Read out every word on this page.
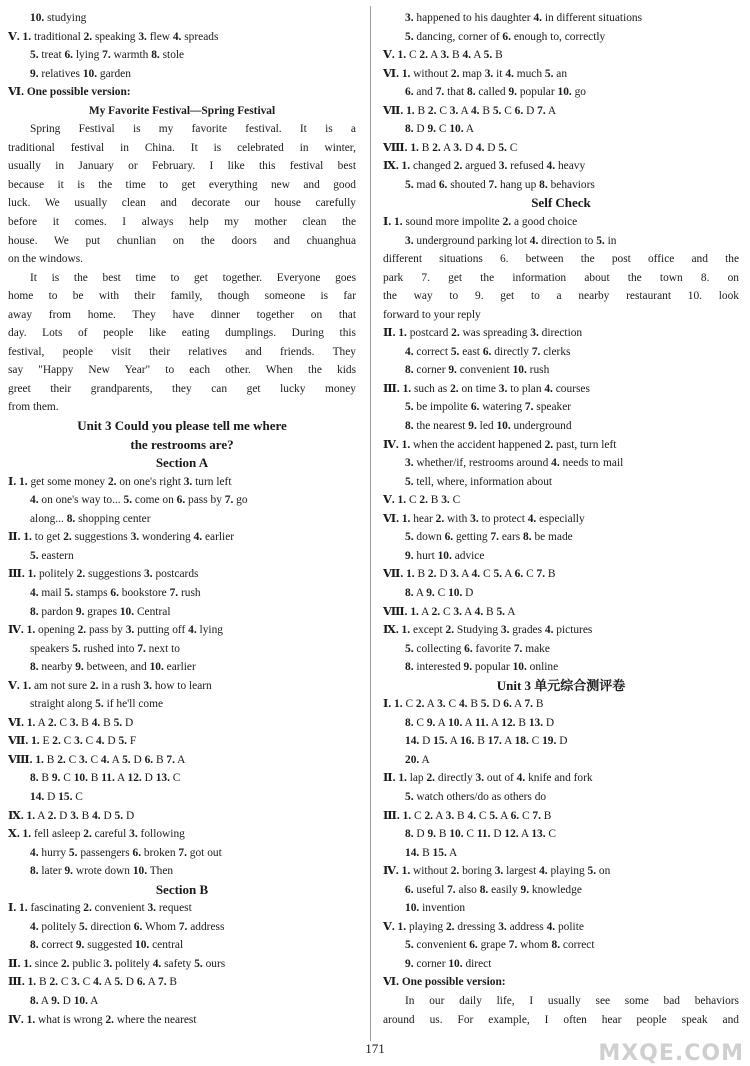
10. studying
Ⅴ. 1. traditional 2. speaking 3. flew 4. spreads
5. treat 6. lying 7. warmth 8. stole
9. relatives 10. garden
Ⅵ. One possible version:
My Favorite Festival—Spring Festival
Spring Festival is my favorite festival. It is a
traditional festival in China. It is celebrated in winter,
usually in January or February. I like this festival best
because it is the time to get everything new and good
luck. We usually clean and decorate our house carefully
before it comes. I always help my mother clean the
house. We put chunlian on the doors and chuanghua
on the windows.
It is the best time to get together. Everyone goes
home to be with their family, though someone is far
away from home. They have dinner together on that
day. Lots of people like eating dumplings. During this
festival, people visit their relatives and friends. They
say "Happy New Year" to each other. When the kids
greet their grandparents, they can get lucky money
from them.
Unit 3 Could you please tell me where
the restrooms are?
Section A
Ⅰ. 1. get some money 2. on one's right 3. turn left
4. on one's way to... 5. come on 6. pass by 7. go
along... 8. shopping center
Ⅱ. 1. to get 2. suggestions 3. wondering 4. earlier
5. eastern
Ⅲ. 1. politely 2. suggestions 3. postcards
4. mail 5. stamps 6. bookstore 7. rush
8. pardon 9. grapes 10. Central
Ⅳ. 1. opening 2. pass by 3. putting off 4. lying
speakers 5. rushed into 7. next to
8. nearby 9. between, and 10. earlier
Ⅴ. 1. am not sure 2. in a rush 3. how to learn
straight along 5. if he'll come
Ⅵ. 1. A 2. C 3. B 4. B 5. D
Ⅶ. 1. E 2. C 3. C 4. D 5. F
Ⅷ. 1. B 2. C 3. C 4. A 5. D 6. B 7. A
8. B 9. C 10. B 11. A 12. D 13. C
14. D 15. C
Ⅸ. 1. A 2. D 3. B 4. D 5. D
Ⅹ. 1. fell asleep 2. careful 3. following
4. hurry 5. passengers 6. broken 7. got out
8. later 9. wrote down 10. Then
Section B
Ⅰ. 1. fascinating 2. convenient 3. request
4. politely 5. direction 6. Whom 7. address
8. correct 9. suggested 10. central
Ⅱ. 1. since 2. public 3. politely 4. safety 5. ours
Ⅲ. 1. B 2. C 3. C 4. A 5. D 6. A 7. B
8. A 9. D 10. A
Ⅳ. 1. what is wrong 2. where the nearest
3. happened to his daughter 4. in different situations
5. dancing, corner of 6. enough to, correctly
Ⅴ. 1. C 2. A 3. B 4. A 5. B
Ⅵ. 1. without 2. map 3. it 4. much 5. an
6. and 7. that 8. called 9. popular 10. go
Ⅶ. 1. B 2. C 3. A 4. B 5. C 6. D 7. A
8. D 9. C 10. A
Ⅷ. 1. B 2. A 3. D 4. D 5. C
Ⅸ. 1. changed 2. argued 3. refused 4. heavy
5. mad 6. shouted 7. hang up 8. behaviors
Self Check
Ⅰ. 1. sound more impolite 2. a good choice
3. underground parking lot 4. direction to 5. in
different situations 6. between the post office and the
park 7. get the information about the town 8. on
the way to 9. get to a nearby restaurant 10. look
forward to your reply
Ⅱ. 1. postcard 2. was spreading 3. direction
4. correct 5. east 6. directly 7. clerks
8. corner 9. convenient 10. rush
Ⅲ. 1. such as 2. on time 3. to plan 4. courses
5. be impolite 6. watering 7. speaker
8. the nearest 9. led 10. underground
Ⅳ. 1. when the accident happened 2. past, turn left
3. whether/if, restrooms around 4. needs to mail
5. tell, where, information about
Ⅴ. 1. C 2. B 3. C
Ⅵ. 1. hear 2. with 3. to protect 4. especially
5. down 6. getting 7. ears 8. be made
9. hurt 10. advice
Ⅶ. 1. B 2. D 3. A 4. C 5. A 6. C 7. B
8. A 9. C 10. D
Ⅷ. 1. A 2. C 3. A 4. B 5. A
Ⅸ. 1. except 2. Studying 3. grades 4. pictures
5. collecting 6. favorite 7. make
8. interested 9. popular 10. online
Unit 3 单元综合测评卷
Ⅰ. 1. C 2. A 3. C 4. B 5. D 6. A 7. B
8. C 9. A 10. A 11. A 12. B 13. D
14. D 15. A 16. B 17. A 18. C 19. D
20. A
Ⅱ. 1. lap 2. directly 3. out of 4. knife and fork
5. watch others/do as others do
Ⅲ. 1. C 2. A 3. B 4. C 5. A 6. C 7. B
8. D 9. B 10. C 11. D 12. A 13. C
14. B 15. A
Ⅳ. 1. without 2. boring 3. largest 4. playing 5. on
6. useful 7. also 8. easily 9. knowledge
10. invention
Ⅴ. 1. playing 2. dressing 3. address 4. polite
5. convenient 6. grape 7. whom 8. correct
9. corner 10. direct
Ⅵ. One possible version:
In our daily life, I usually see some bad behaviors
around us. For example, I often hear people speak and
171	MXQE.COM
